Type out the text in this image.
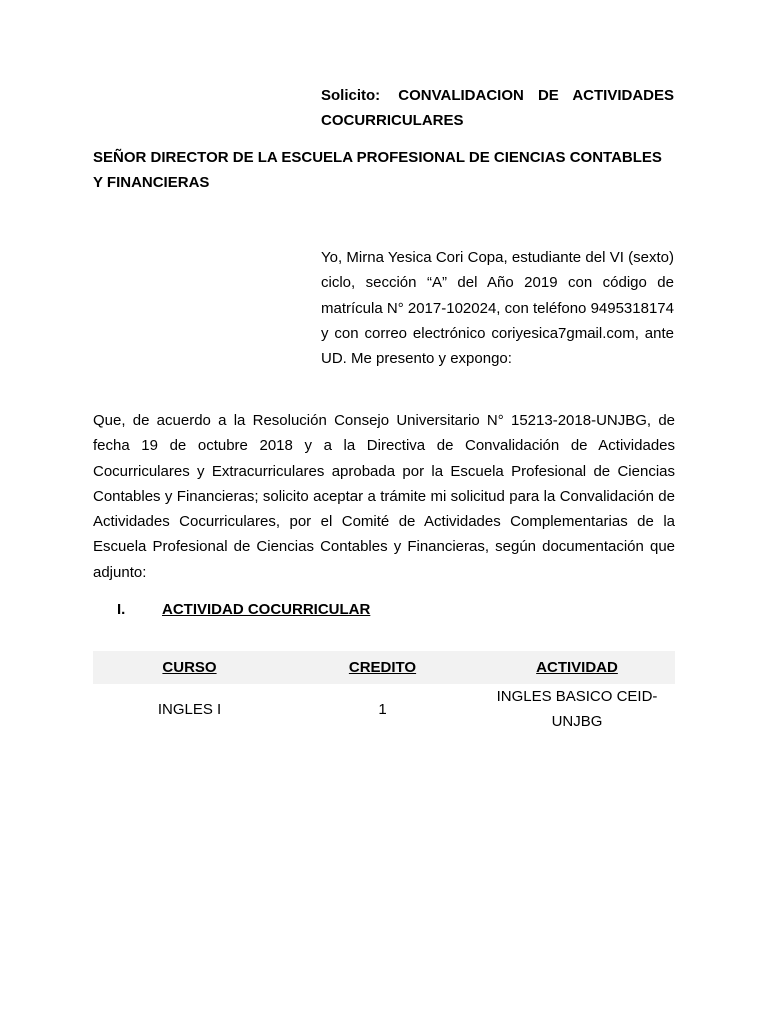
Solicito: CONVALIDACION DE ACTIVIDADES COCURRICULARES
SEÑOR DIRECTOR DE LA ESCUELA PROFESIONAL DE CIENCIAS CONTABLES Y FINANCIERAS
Yo, Mirna Yesica Cori Copa, estudiante del VI (sexto) ciclo, sección “A” del Año 2019 con código de matrícula N° 2017-102024, con teléfono 9495318174 y con correo electrónico coriyesica7gmail.com, ante UD. Me presento y expongo:
Que, de acuerdo a la Resolución Consejo Universitario N° 15213-2018-UNJBG, de fecha 19 de octubre 2018 y a la Directiva de Convalidación de Actividades Cocurriculares y Extracurriculares aprobada por la Escuela Profesional de Ciencias Contables y Financieras; solicito aceptar a trámite mi solicitud para la Convalidación de Actividades Cocurriculares, por el Comité de Actividades Complementarias de la Escuela Profesional de Ciencias Contables y Financieras, según documentación que adjunto:
I. ACTIVIDAD COCURRICULAR
CURSO	CREDITO	ACTIVIDAD
INGLES I	1	INGLES BASICO CEID-UNJBG
